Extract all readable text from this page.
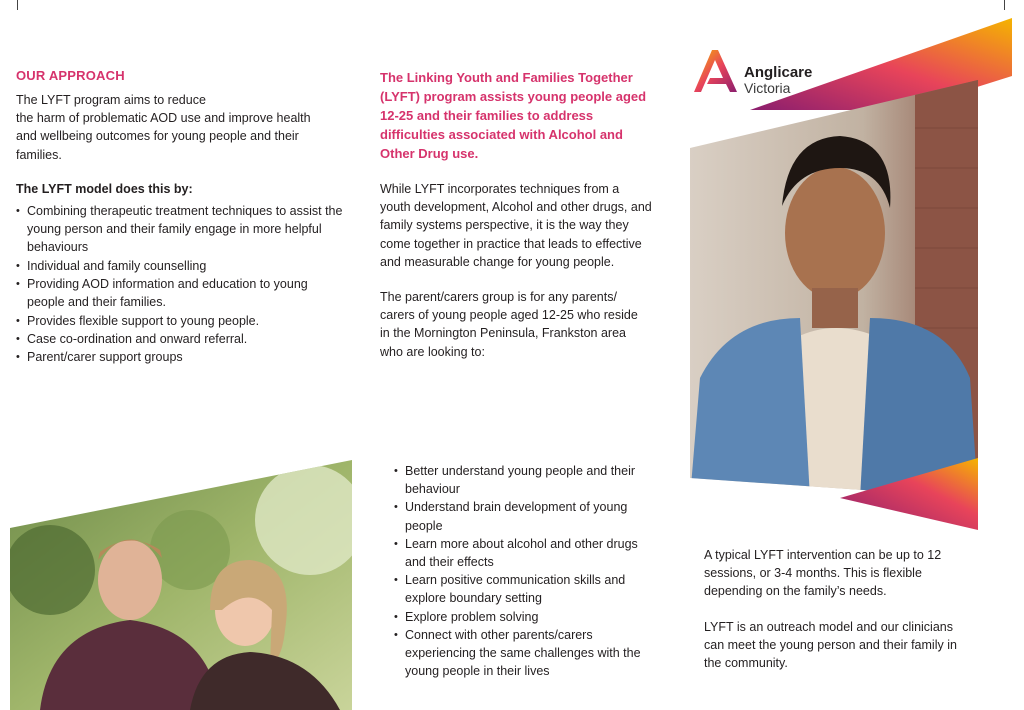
OUR APPROACH

The LYFT program aims to reduce
the harm of problematic AOD use and improve health
and wellbeing outcomes for young people and their
families.

The LYFT model does this by:

• Combining therapeutic treatment techniques to assist the young person and their family engage in more helpful behaviours
• Individual and family counselling
• Providing AOD information and education to young people and their families.
• Provides flexible support to young people.
• Case co-ordination and onward referral.
• Parent/carer support groups

The Linking Youth and Families Together (LYFT) program assists young people aged 12-25 and their families to address difficulties associated with Alcohol and Other Drug use.

While LYFT incorporates techniques from a youth development, Alcohol and other drugs, and family systems perspective, it is the way they come together in practice that leads to effective and measurable change for young people.

The parent/carers group is for any parents/ carers of young people aged 12-25 who reside in the Mornington Peninsula, Frankston area who are looking to:

• Better understand young people and their behaviour
• Understand brain development of young people
• Learn more about alcohol and other drugs and their effects
• Learn positive communication skills and explore boundary setting
• Explore problem solving
• Connect with other parents/carers experiencing the same challenges with the young people in their lives
Anglicare
Victoria

A typical LYFT intervention can be up to 12 sessions, or 3-4 months. This is flexible depending on the family’s needs.

LYFT is an outreach model and our clinicians can meet the young person and their family in the community.
